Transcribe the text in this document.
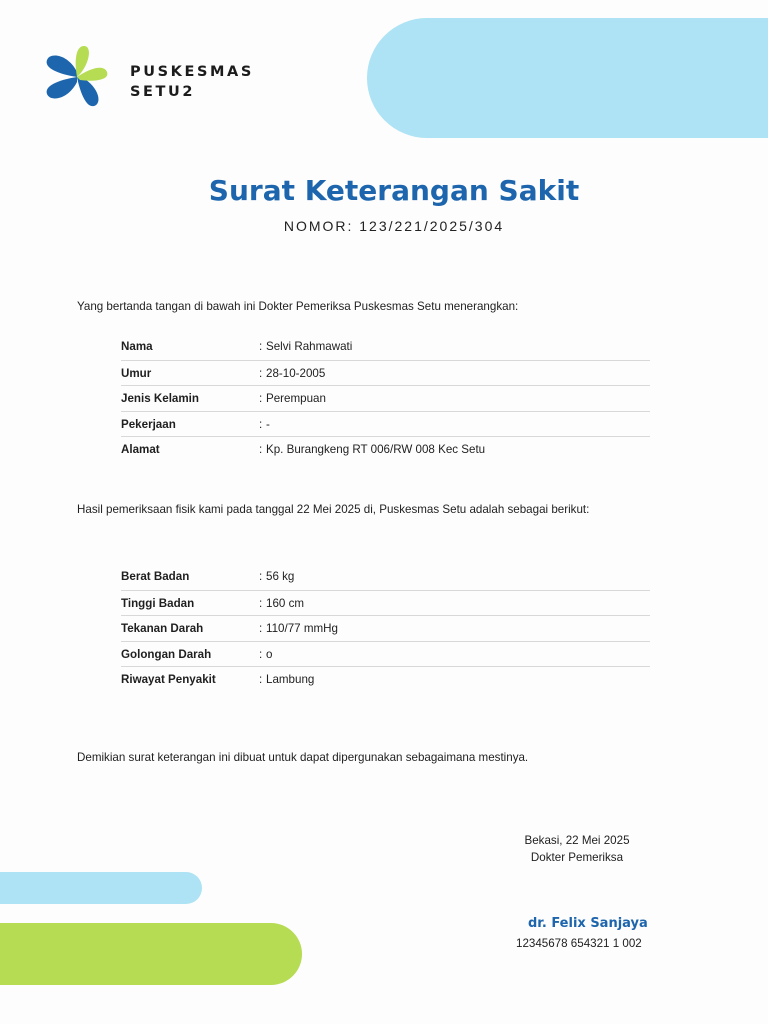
PUSKESMAS
SETU2
Surat Keterangan Sakit
NOMOR: 123/221/2025/304
Yang bertanda tangan di bawah ini Dokter Pemeriksa Puskesmas Setu menerangkan:
Nama	: Selvi Rahmawati
Umur	: 28-10-2005
Jenis Kelamin	: Perempuan
Pekerjaan	: -
Alamat	: Kp. Burangkeng RT 006/RW 008 Kec Setu
Hasil pemeriksaan fisik kami pada tanggal 22 Mei 2025 di, Puskesmas Setu adalah sebagai berikut:
Berat Badan	: 56 kg
Tinggi Badan	: 160 cm
Tekanan Darah	: 110/77 mmHg
Golongan Darah	: o
Riwayat Penyakit	: Lambung
Demikian surat keterangan ini dibuat untuk dapat dipergunakan sebagaimana mestinya.
Bekasi, 22 Mei 2025
Dokter Pemeriksa
dr. Felix Sanjaya
12345678 654321 1 002
